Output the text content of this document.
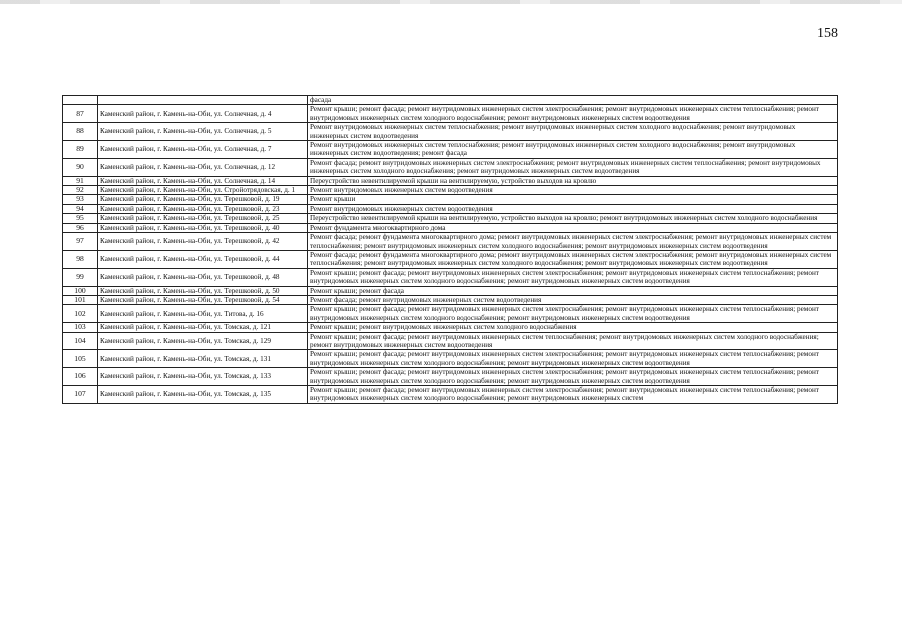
158
		фасада
87	Каменский район, г. Камень-на-Оби, ул. Солнечная, д. 4	Ремонт крыши; ремонт фасада; ремонт внутридомовых инженерных систем электроснабжения; ремонт внутридомовых инженерных систем теплоснабжения; ремонт внутридомовых инженерных систем холодного водоснабжения; ремонт внутридомовых инженерных систем водоотведения
88	Каменский район, г. Камень-на-Оби, ул. Солнечная, д. 5	Ремонт внутридомовых инженерных систем теплоснабжения; ремонт внутридомовых инженерных систем холодного водоснабжения; ремонт внутридомовых инженерных систем водоотведения
89	Каменский район, г. Камень-на-Оби, ул. Солнечная, д. 7	Ремонт внутридомовых инженерных систем теплоснабжения; ремонт внутридомовых инженерных систем холодного водоснабжения; ремонт внутридомовых инженерных систем водоотведения; ремонт фасада
90	Каменский район, г. Камень-на-Оби, ул. Солнечная, д. 12	Ремонт фасада; ремонт внутридомовых инженерных систем электроснабжения; ремонт внутридомовых инженерных систем теплоснабжения; ремонт внутридомовых инженерных систем холодного водоснабжения; ремонт внутридомовых инженерных систем водоотведения
91	Каменский район, г. Камень-на-Оби, ул. Солнечная, д. 14	Переустройство невентилируемой крыши на вентилируемую, устройство выходов на кровлю
92	Каменский район, г. Камень-на-Оби, ул. Стройотрядовская, д. 1	Ремонт внутридомовых инженерных систем водоотведения
93	Каменский район, г. Камень-на-Оби, ул. Терешковой, д. 19	Ремонт крыши
94	Каменский район, г. Камень-на-Оби, ул. Терешковой, д. 23	Ремонт внутридомовых инженерных систем водоотведения
95	Каменский район, г. Камень-на-Оби, ул. Терешковой, д. 25	Переустройство невентилируемой крыши на вентилируемую, устройство выходов на кровлю; ремонт внутридомовых инженерных систем холодного водоснабжения
96	Каменский район, г. Камень-на-Оби, ул. Терешковой, д. 40	Ремонт фундамента многоквартирного дома
97	Каменский район, г. Камень-на-Оби, ул. Терешковой, д. 42	Ремонт фасада; ремонт фундамента многоквартирного дома; ремонт внутридомовых инженерных систем электроснабжения; ремонт внутридомовых инженерных систем теплоснабжения; ремонт внутридомовых инженерных систем холодного водоснабжения; ремонт внутридомовых инженерных систем водоотведения
98	Каменский район, г. Камень-на-Оби, ул. Терешковой, д. 44	Ремонт фасада; ремонт фундамента многоквартирного дома; ремонт внутридомовых инженерных систем электроснабжения; ремонт внутридомовых инженерных систем теплоснабжения; ремонт внутридомовых инженерных систем холодного водоснабжения; ремонт внутридомовых инженерных систем водоотведения
99	Каменский район, г. Камень-на-Оби, ул. Терешковой, д. 48	Ремонт крыши; ремонт фасада; ремонт внутридомовых инженерных систем электроснабжения; ремонт внутридомовых инженерных систем теплоснабжения; ремонт внутридомовых инженерных систем холодного водоснабжения; ремонт внутридомовых инженерных систем водоотведения
100	Каменский район, г. Камень-на-Оби, ул. Терешковой, д. 50	Ремонт крыши; ремонт фасада
101	Каменский район, г. Камень-на-Оби, ул. Терешковой, д. 54	Ремонт фасада; ремонт внутридомовых инженерных систем водоотведения
102	Каменский район, г. Камень-на-Оби, ул. Титова, д. 16	Ремонт крыши; ремонт фасада; ремонт внутридомовых инженерных систем электроснабжения; ремонт внутридомовых инженерных систем теплоснабжения; ремонт внутридомовых инженерных систем холодного водоснабжения; ремонт внутридомовых инженерных систем водоотведения
103	Каменский район, г. Камень-на-Оби, ул. Томская, д. 121	Ремонт крыши; ремонт внутридомовых инженерных систем холодного водоснабжения
104	Каменский район, г. Камень-на-Оби, ул. Томская, д. 129	Ремонт крыши; ремонт фасада; ремонт внутридомовых инженерных систем теплоснабжения; ремонт внутридомовых инженерных систем холодного водоснабжения; ремонт внутридомовых инженерных систем водоотведения
105	Каменский район, г. Камень-на-Оби, ул. Томская, д. 131	Ремонт крыши; ремонт фасада; ремонт внутридомовых инженерных систем электроснабжения; ремонт внутридомовых инженерных систем теплоснабжения; ремонт внутридомовых инженерных систем холодного водоснабжения; ремонт внутридомовых инженерных систем водоотведения
106	Каменский район, г. Камень-на-Оби, ул. Томская, д. 133	Ремонт крыши; ремонт фасада; ремонт внутридомовых инженерных систем электроснабжения; ремонт внутридомовых инженерных систем теплоснабжения; ремонт внутридомовых инженерных систем холодного водоснабжения; ремонт внутридомовых инженерных систем водоотведения
107	Каменский район, г. Камень-на-Оби, ул. Томская, д. 135	Ремонт крыши; ремонт фасада; ремонт внутридомовых инженерных систем электроснабжения; ремонт внутридомовых инженерных систем теплоснабжения; ремонт внутридомовых инженерных систем холодного водоснабжения; ремонт внутридомовых инженерных систем
